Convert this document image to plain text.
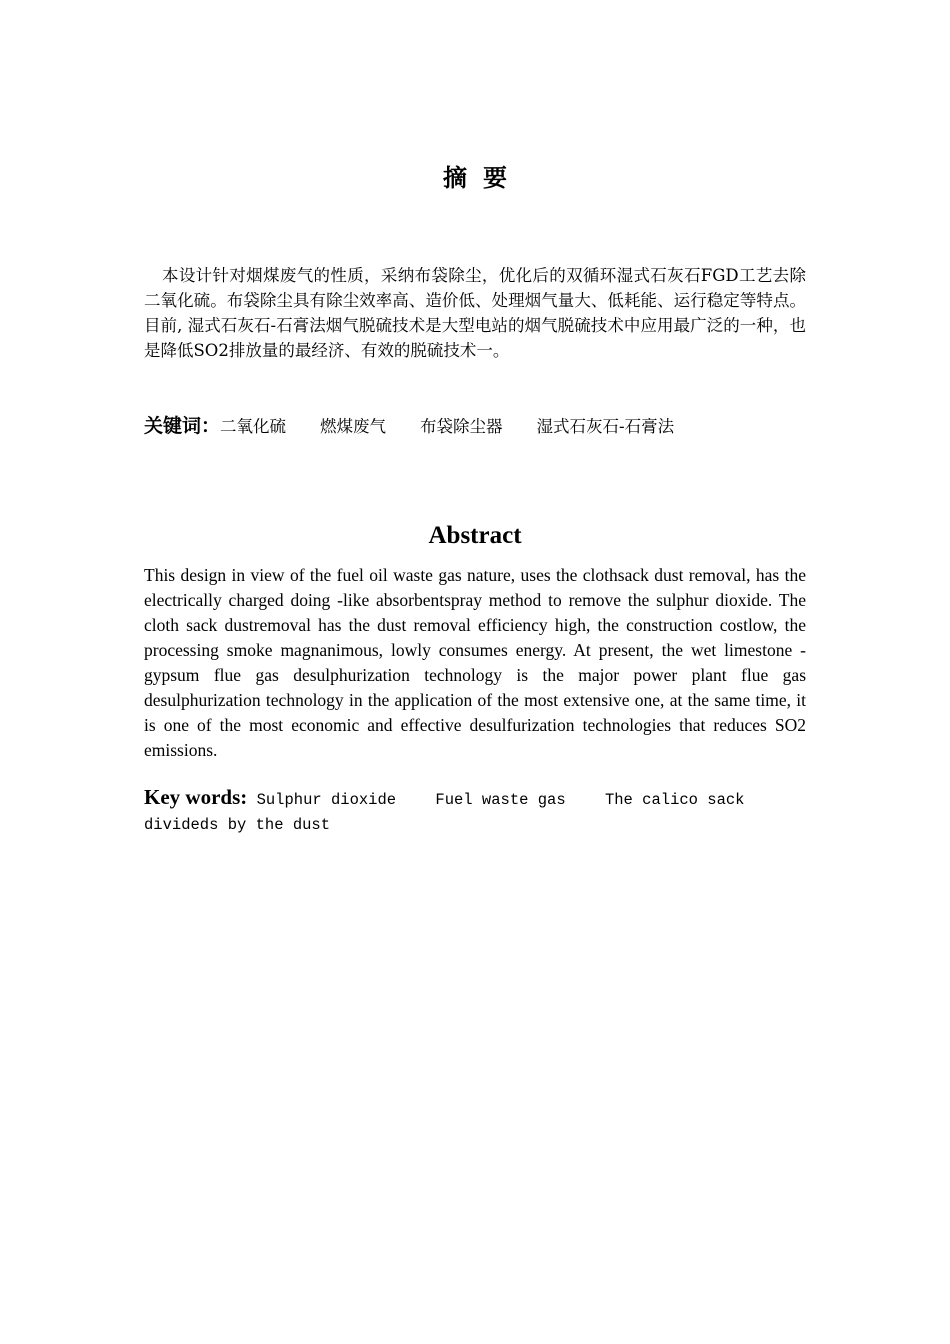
摘要
本设计针对烟煤废气的性质，采纳布袋除尘，优化后的双循环湿式石灰石FGD工艺去除二氧化硫。布袋除尘具有除尘效率高、造价低、处理烟气量大、低耗能、运行稳定等特点。目前, 湿式石灰石-石膏法烟气脱硫技术是大型电站的烟气脱硫技术中应用最广泛的一种，也是降低SO2排放量的最经济、有效的脱硫技术一。
关键词：二氧化硫 燃煤废气 布袋除尘器 湿式石灰石-石膏法
Abstract
This design in view of the fuel oil waste gas nature, uses the clothsack dust removal, has the electrically charged doing -like absorbentspray method to remove the sulphur dioxide. The cloth sack dustremoval has the dust removal efficiency high, the construction costlow, the processing smoke magnanimous, lowly consumes energy. At present, the wet limestone - gypsum flue gas desulphurization technology is the major power plant flue gas desulphurization technology in the application of the most extensive one, at the same time, it is one of the most economic and effective desulfurization technologies that reduces SO2 emissions.
Key words: Sulphur dioxide	Fuel waste gas	The calico sack divideds by the dust
